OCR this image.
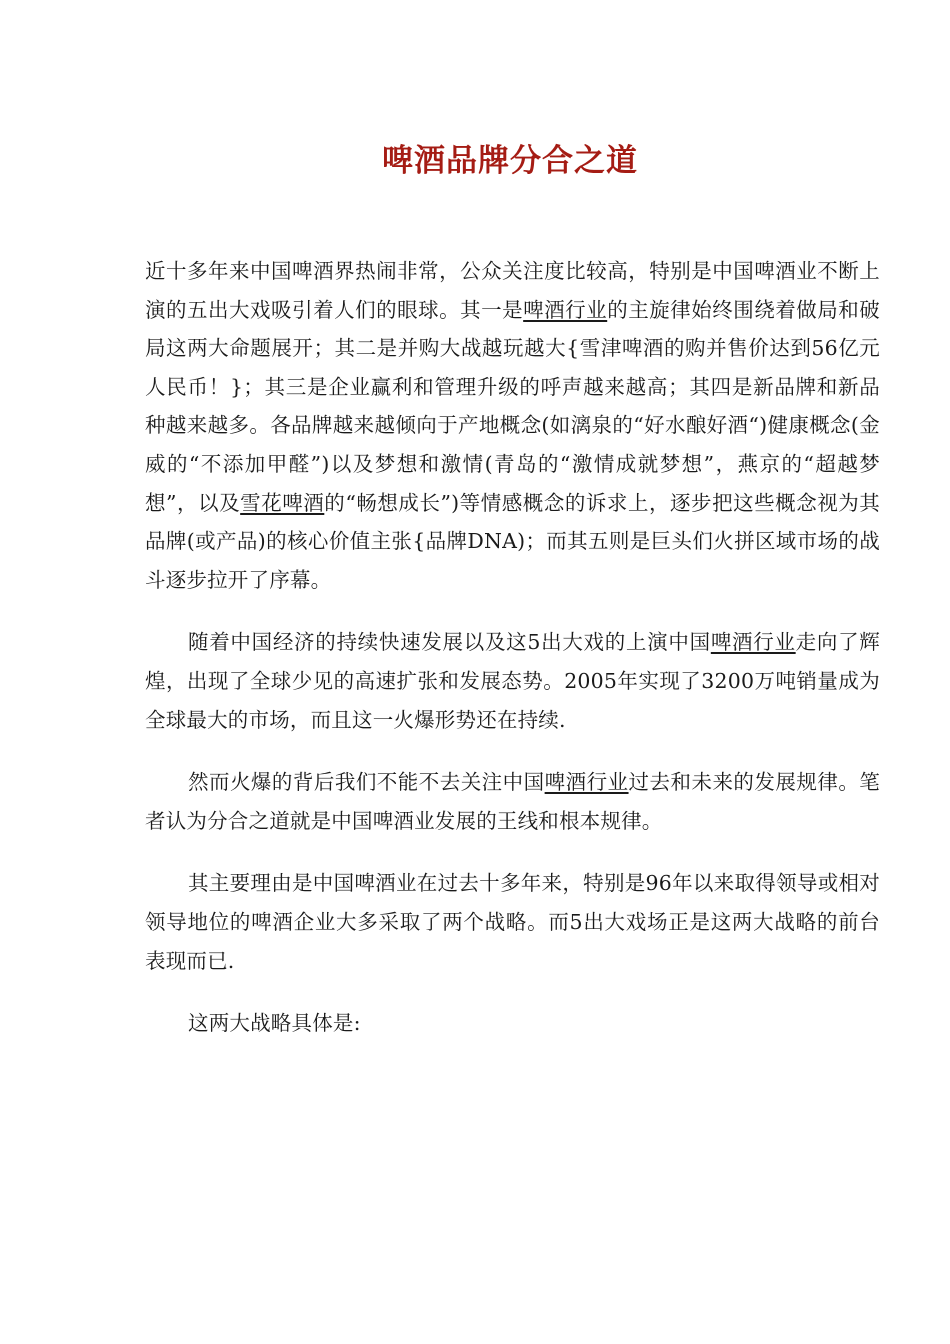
啤酒品牌分合之道

近十多年来中国啤酒界热闹非常，公众关注度比较高，特别是中国啤酒业不断上演的五出大戏吸引着人们的眼球。其一是啤酒行业的主旋律始终围绕着做局和破局这两大命题展开；其二是并购大战越玩越大{雪津啤酒的购并售价达到56亿元人民币！}；其三是企业赢利和管理升级的呼声越来越高；其四是新品牌和新品种越来越多。各品牌越来越倾向于产地概念(如漓泉的“好水酿好酒“)健康概念(金威的“不添加甲醛”)以及梦想和激情(青岛的“激情成就梦想”，燕京的“超越梦想”，以及雪花啤酒的“畅想成长”)等情感概念的诉求上，逐步把这些概念视为其品牌(或产品)的核心价值主张{品牌DNA)；而其五则是巨头们火拼区域市场的战斗逐步拉开了序幕。

随着中国经济的持续快速发展以及这5出大戏的上演中国啤酒行业走向了辉煌，出现了全球少见的高速扩张和发展态势。2005年实现了3200万吨销量成为全球最大的市场，而且这一火爆形势还在持续.

然而火爆的背后我们不能不去关注中国啤酒行业过去和未来的发展规律。笔者认为分合之道就是中国啤酒业发展的王线和根本规律。

其主要理由是中国啤酒业在过去十多年来，特别是96年以来取得领导或相对领导地位的啤酒企业大多采取了两个战略。而5出大戏场正是这两大战略的前台表现而已.

这两大战略具体是:
